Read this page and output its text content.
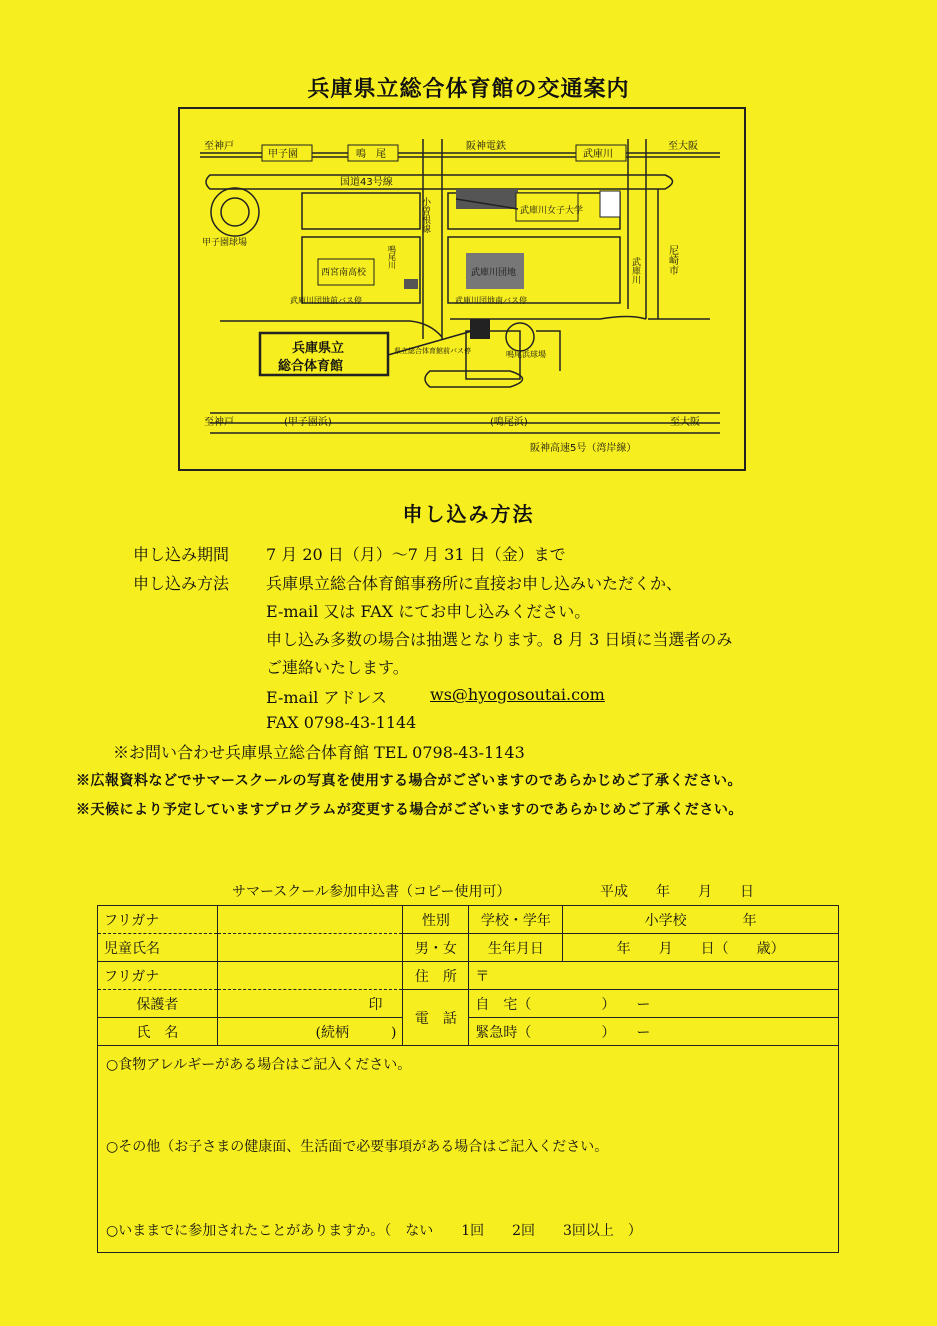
兵庫県立総合体育館の交通案内
至神戸
甲子園	鳴　尾
阪神電鉄
武庫川
至大阪
国道43号線
小曽根線	武庫川女子大学
甲子園球場
鳴尾川
西宮南高校	武庫川団地
武庫川団地前バス停	武庫川団地南バス停
武庫川	尼崎市
兵庫県立
総合体育館
県立総合体育館前バス停	鳴尾浜球場
至神戸	(甲子園浜)	(鳴尾浜)	至大阪
阪神高速5号（湾岸線）
申し込み方法
申し込み期間 7 月 20 日（月）～7 月 31 日（金）まで
申し込み方法 兵庫県立総合体育館事務所に直接お申し込みいただくか、
E-mail 又は FAX にてお申し込みください。
申し込み多数の場合は抽選となります。8 月 3 日頃に当選者のみ
ご連絡いたします。
E-mail アドレス	ws@hyogosoutai.com
FAX 0798-43-1144
※お問い合わせ兵庫県立総合体育館 TEL 0798-43-1143
※広報資料などでサマースクールの写真を使用する場合がございますのであらかじめご了承ください。
※天候により予定していますプログラムが変更する場合がございますのであらかじめご了承ください。
サマースクール参加申込書（コピー使用可）	平成　　年　　月　　日
フリガナ		性別	学校・学年	小学校　　　　年
児童氏名		男・女	生年月日	年　　月　　日（　　歳）
フリガナ		住　所	〒	
保護者	印	電　話	自　宅（　　　　　）　　ー	
氏　名	(続柄　　　)		緊急時（　　　　　）　　ー	
○食物アレルギーがある場合はご記入ください。
○その他（お子さまの健康面、生活面で必要事項がある場合はご記入ください。
○いままでに参加されたことがありますか。（　ない　　1回　　2回　　3回以上　）
